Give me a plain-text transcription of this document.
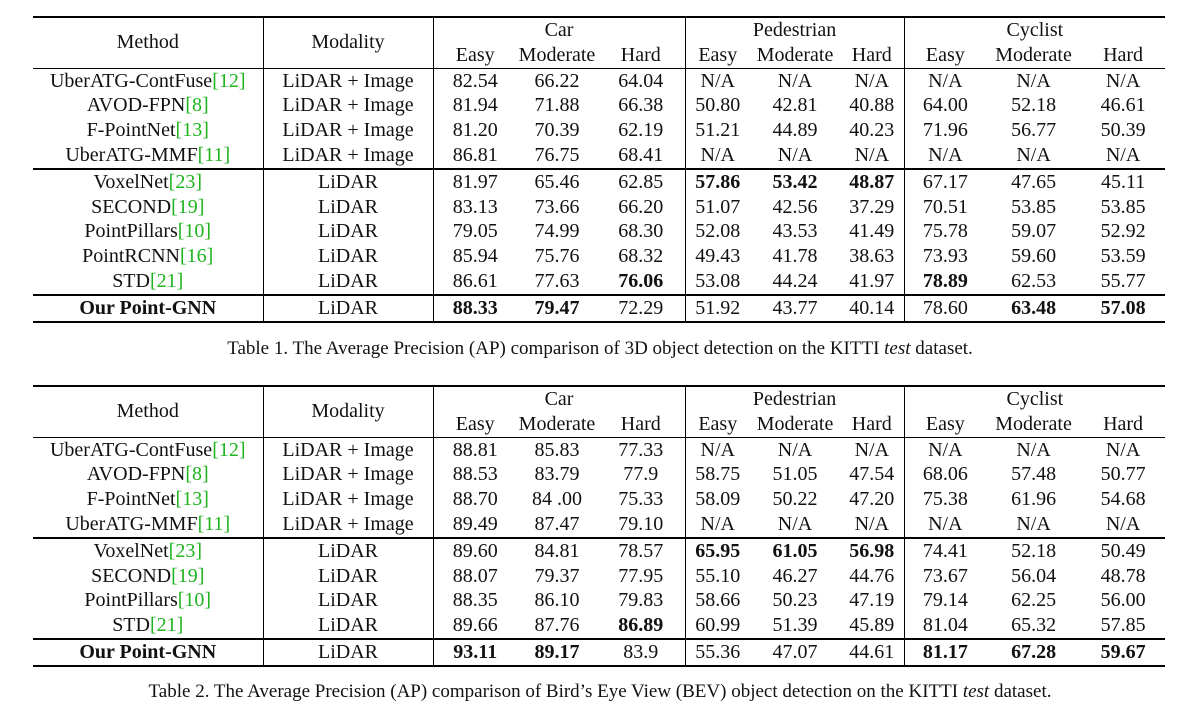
Method	Modality	Car			Pedestrian			Cyclist		
		Easy	Moderate	Hard	Easy	Moderate	Hard	Easy	Moderate	Hard
UberATG-ContFuse[12]	LiDAR + Image	82.54	66.22	64.04	N/A	N/A	N/A	N/A	N/A	N/A
AVOD-FPN[8]	LiDAR + Image	81.94	71.88	66.38	50.80	42.81	40.88	64.00	52.18	46.61
F-PointNet[13]	LiDAR + Image	81.20	70.39	62.19	51.21	44.89	40.23	71.96	56.77	50.39
UberATG-MMF[11]	LiDAR + Image	86.81	76.75	68.41	N/A	N/A	N/A	N/A	N/A	N/A
VoxelNet[23]	LiDAR	81.97	65.46	62.85	57.86	53.42	48.87	67.17	47.65	45.11
SECOND[19]	LiDAR	83.13	73.66	66.20	51.07	42.56	37.29	70.51	53.85	53.85
PointPillars[10]	LiDAR	79.05	74.99	68.30	52.08	43.53	41.49	75.78	59.07	52.92
PointRCNN[16]	LiDAR	85.94	75.76	68.32	49.43	41.78	38.63	73.93	59.60	53.59
STD[21]	LiDAR	86.61	77.63	76.06	53.08	44.24	41.97	78.89	62.53	55.77
Our Point-GNN	LiDAR	88.33	79.47	72.29	51.92	43.77	40.14	78.60	63.48	57.08
Table 1. The Average Precision (AP) comparison of 3D object detection on the KITTI test dataset.
Method	Modality	Car			Pedestrian			Cyclist		
		Easy	Moderate	Hard	Easy	Moderate	Hard	Easy	Moderate	Hard
UberATG-ContFuse[12]	LiDAR + Image	88.81	85.83	77.33	N/A	N/A	N/A	N/A	N/A	N/A
AVOD-FPN[8]	LiDAR + Image	88.53	83.79	77.9	58.75	51.05	47.54	68.06	57.48	50.77
F-PointNet[13]	LiDAR + Image	88.70	84 .00	75.33	58.09	50.22	47.20	75.38	61.96	54.68
UberATG-MMF[11]	LiDAR + Image	89.49	87.47	79.10	N/A	N/A	N/A	N/A	N/A	N/A
VoxelNet[23]	LiDAR	89.60	84.81	78.57	65.95	61.05	56.98	74.41	52.18	50.49
SECOND[19]	LiDAR	88.07	79.37	77.95	55.10	46.27	44.76	73.67	56.04	48.78
PointPillars[10]	LiDAR	88.35	86.10	79.83	58.66	50.23	47.19	79.14	62.25	56.00
STD[21]	LiDAR	89.66	87.76	86.89	60.99	51.39	45.89	81.04	65.32	57.85
Our Point-GNN	LiDAR	93.11	89.17	83.9	55.36	47.07	44.61	81.17	67.28	59.67
Table 2. The Average Precision (AP) comparison of Bird’s Eye View (BEV) object detection on the KITTI test dataset.
